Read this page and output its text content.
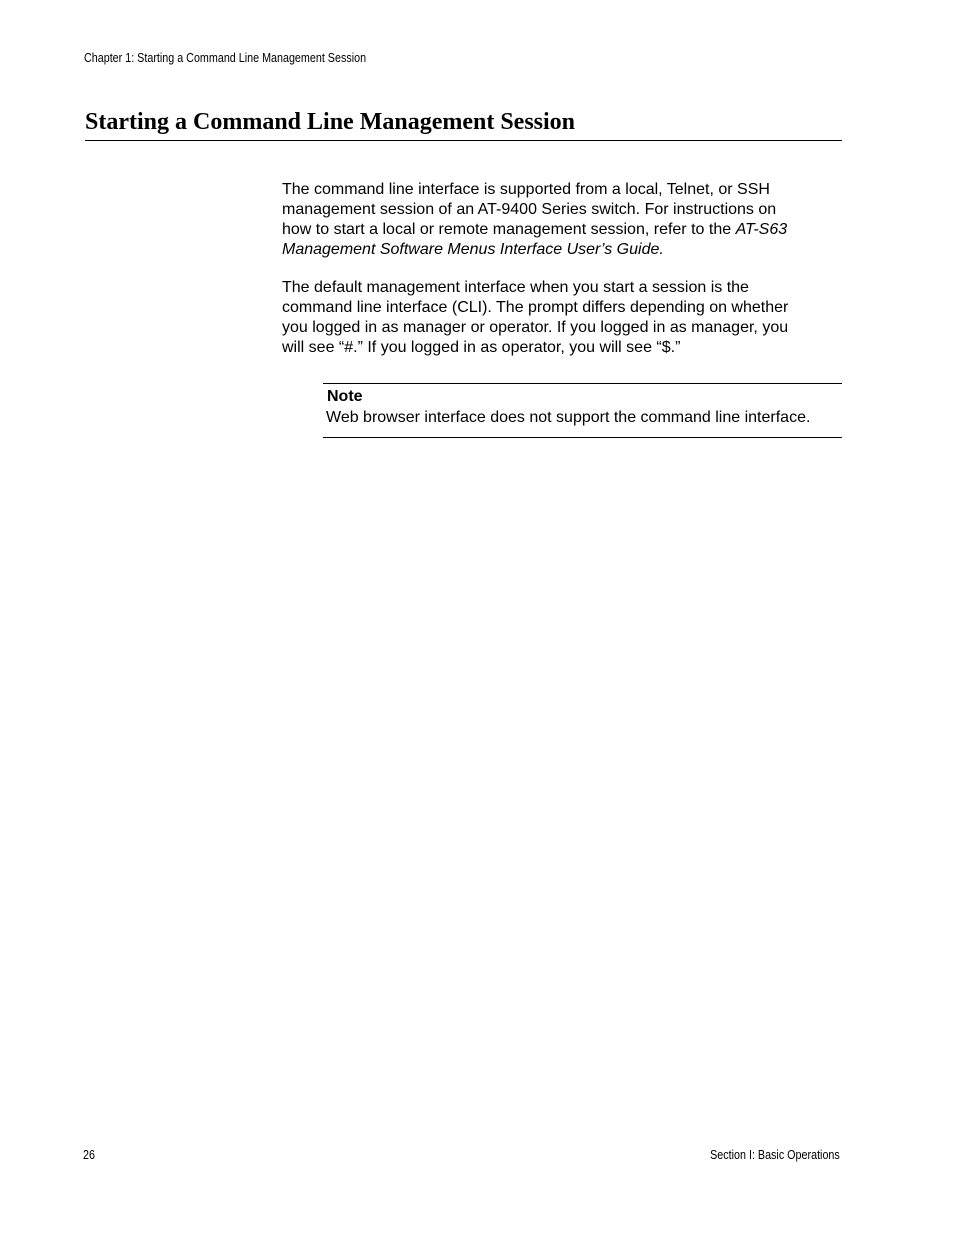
Chapter 1: Starting a Command Line Management Session
Starting a Command Line Management Session

The command line interface is supported from a local, Telnet, or SSH
management session of an AT-9400 Series switch. For instructions on
how to start a local or remote management session, refer to the AT-S63
Management Software Menus Interface User’s Guide.

The default management interface when you start a session is the
command line interface (CLI). The prompt differs depending on whether
you logged in as manager or operator. If you logged in as manager, you
will see “#.” If you logged in as operator, you will see “$.”

Note
Web browser interface does not support the command line interface.
26	Section I: Basic Operations
